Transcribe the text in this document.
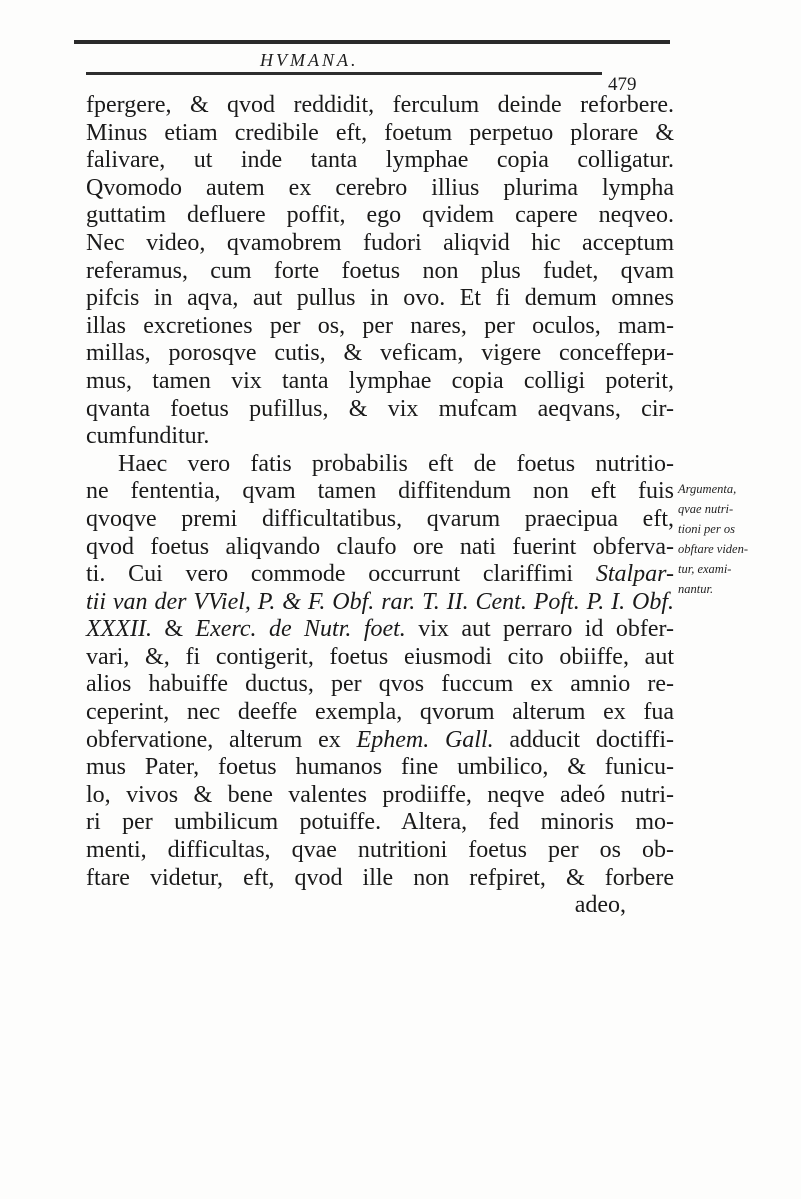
HVMANA.
479
fpergere, & qvod reddidit, ferculum deinde reforbere.
Minus etiam credibile eft, foetum perpetuo plorare &
falivare, ut inde tanta lymphae copia colligatur.
Qvomodo autem ex cerebro illius plurima lympha
guttatim defluere poffit, ego qvidem capere neqveo.
Nec video, qvamobrem fudori aliqvid hic acceptum
referamus, cum forte foetus non plus fudet, qvam
pifcis in aqva, aut pullus in ovo. Et fi demum omnes
illas excretiones per os, per nares, per oculos, mam-
millas, porosqve cutis, & veficam, vigere conceffери-
mus, tamen vix tanta lymphae copia colligi poterit,
qvanta foetus pufillus, & vix mufcam aeqvans, cir-
cumfunditur.
Haec vero fatis probabilis eft de foetus nutritio-
ne fententia, qvam tamen diffitendum non eft fuis
qvoqve premi difficultatibus, qvarum praecipua eft,
qvod foetus aliqvando claufo ore nati fuerint obferva-
ti. Cui vero commode occurrunt clariffimi Stalpar-
tii van der VViel, P. & F. Obf. rar. T. II. Cent. Poft. P. I. Obf.
XXXII. & Exerc. de Nutr. foet. vix aut perraro id obfer-
vari, &, fi contigerit, foetus eiusmodi cito obiiffe, aut
alios habuiffe ductus, per qvos fuccum ex amnio re-
ceperint, nec deeffe exempla, qvorum alterum ex fua
obfervatione, alterum ex Ephem. Gall. adducit doctiffi-
mus Pater, foetus humanos fine umbilico, & funicu-
lo, vivos & bene valentes prodiiffe, neqve adeó nutri-
ri per umbilicum potuiffe. Altera, fed minoris mo-
menti, difficultas, qvae nutritioni foetus per os ob-
ftare videtur, eft, qvod ille non refpiret, & forbere
adeo,
Argumenta,
qvae nutri-
tioni per os
obftare viden-
tur, exami-
nantur.
